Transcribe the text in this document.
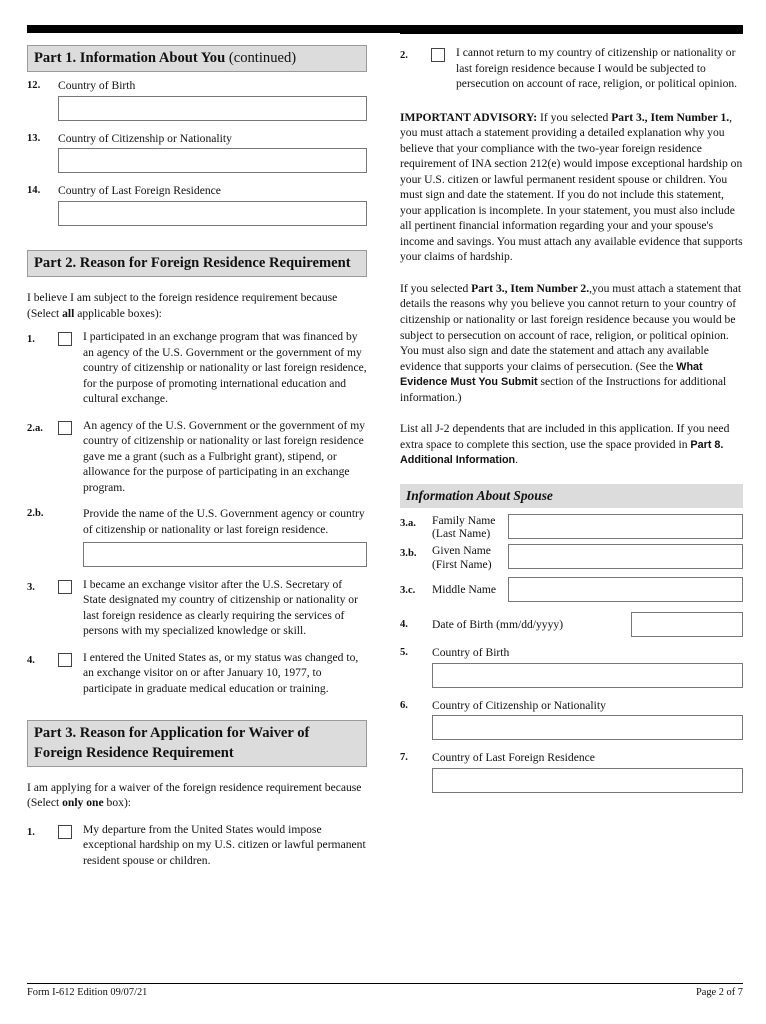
Part 1. Information About You (continued)
12.	Country of Birth
13.	Country of Citizenship or Nationality
14.	Country of Last Foreign Residence
Part 2. Reason for Foreign Residence Requirement
I believe I am subject to the foreign residence requirement because (Select all applicable boxes):
1.	I participated in an exchange program that was financed by an agency of the U.S. Government or the government of my country of citizenship or nationality or last foreign residence, for the purpose of promoting international education and cultural exchange.
2.a.	An agency of the U.S. Government or the government of my country of citizenship or nationality or last foreign residence gave me a grant (such as a Fulbright grant), stipend, or allowance for the purpose of participating in an exchange program.
2.b.	Provide the name of the U.S. Government agency or country of citizenship or nationality or last foreign residence.
3.	I became an exchange visitor after the U.S. Secretary of State designated my country of citizenship or nationality or last foreign residence as clearly requiring the services of persons with my specialized knowledge or skill.
4.	I entered the United States as, or my status was changed to, an exchange visitor on or after January 10, 1977, to participate in graduate medical education or training.
Part 3. Reason for Application for Waiver of Foreign Residence Requirement
I am applying for a waiver of the foreign residence requirement because (Select only one box):
1.	My departure from the United States would impose exceptional hardship on my U.S. citizen or lawful permanent resident spouse or children.
2.	I cannot return to my country of citizenship or nationality or last foreign residence because I would be subjected to persecution on account of race, religion, or political opinion.
IMPORTANT ADVISORY: If you selected Part 3., Item Number 1., you must attach a statement providing a detailed explanation why you believe that your compliance with the two-year foreign residence requirement of INA section 212(e) would impose exceptional hardship on your U.S. citizen or lawful permanent resident spouse or children. You must sign and date the statement. If you do not include this statement, your application is incomplete. In your statement, you must also include all pertinent financial information regarding your and your spouse's income and savings. You must attach any available evidence that supports your claims of hardship.
If you selected Part 3., Item Number 2.,you must attach a statement that details the reasons why you believe you cannot return to your country of citizenship or nationality or last foreign residence because you would be subject to persecution on account of race, religion, or political opinion. You must also sign and date the statement and attach any available evidence that supports your claims of persecution. (See the What Evidence Must You Submit section of the Instructions for additional information.)
List all J-2 dependents that are included in this application. If you need extra space to complete this section, use the space provided in Part 8. Additional Information.
Information About Spouse
3.a.	Family Name (Last Name)
3.b.	Given Name (First Name)
3.c.	Middle Name
4.	Date of Birth (mm/dd/yyyy)
5.	Country of Birth
6.	Country of Citizenship or Nationality
7.	Country of Last Foreign Residence
Form I-612 Edition 09/07/21	Page 2 of 7
